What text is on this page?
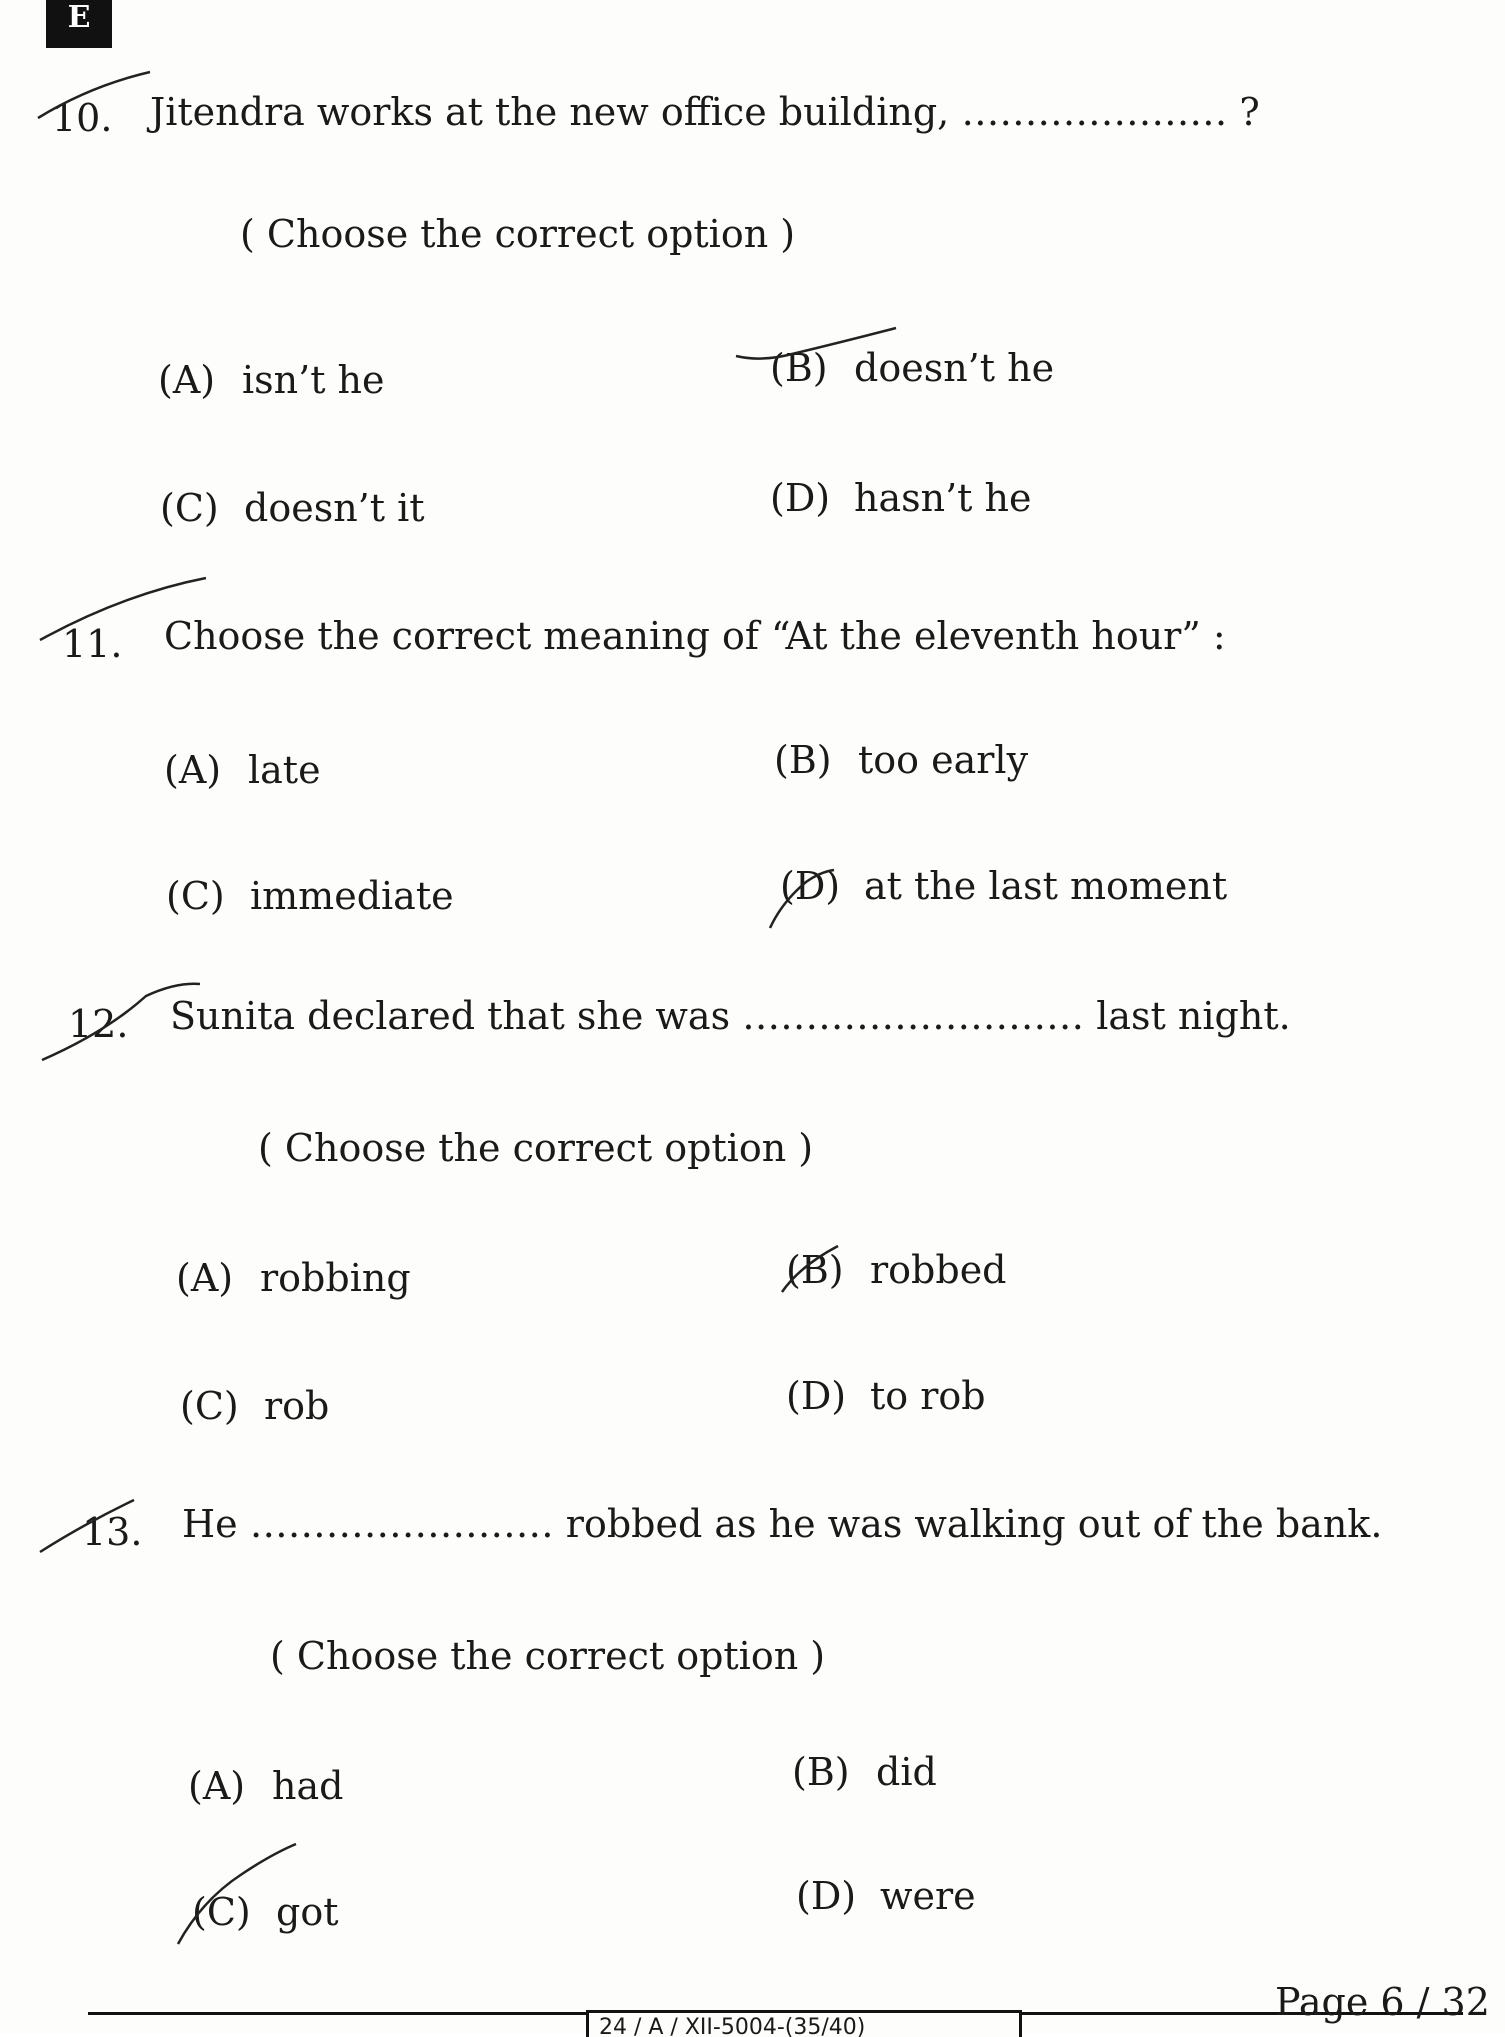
E
10. Jitendra works at the new office building, ………………… ?
( Choose the correct option )
(A) isn’t he	(B) doesn’t he
(C) doesn’t it	(D) hasn’t he
11. Choose the correct meaning of “At the eleventh hour” :
(A) late	(B) too early
(C) immediate	(D) at the last moment
12. Sunita declared that she was ……………………… last night.
( Choose the correct option )
(A) robbing	(B) robbed
(C) rob	(D) to rob
13. He …………………… robbed as he was walking out of the bank.
( Choose the correct option )
(A) had	(B) did
(C) got	(D) were
24 / A / XII-5004-(35/40)
Page 6 / 32
